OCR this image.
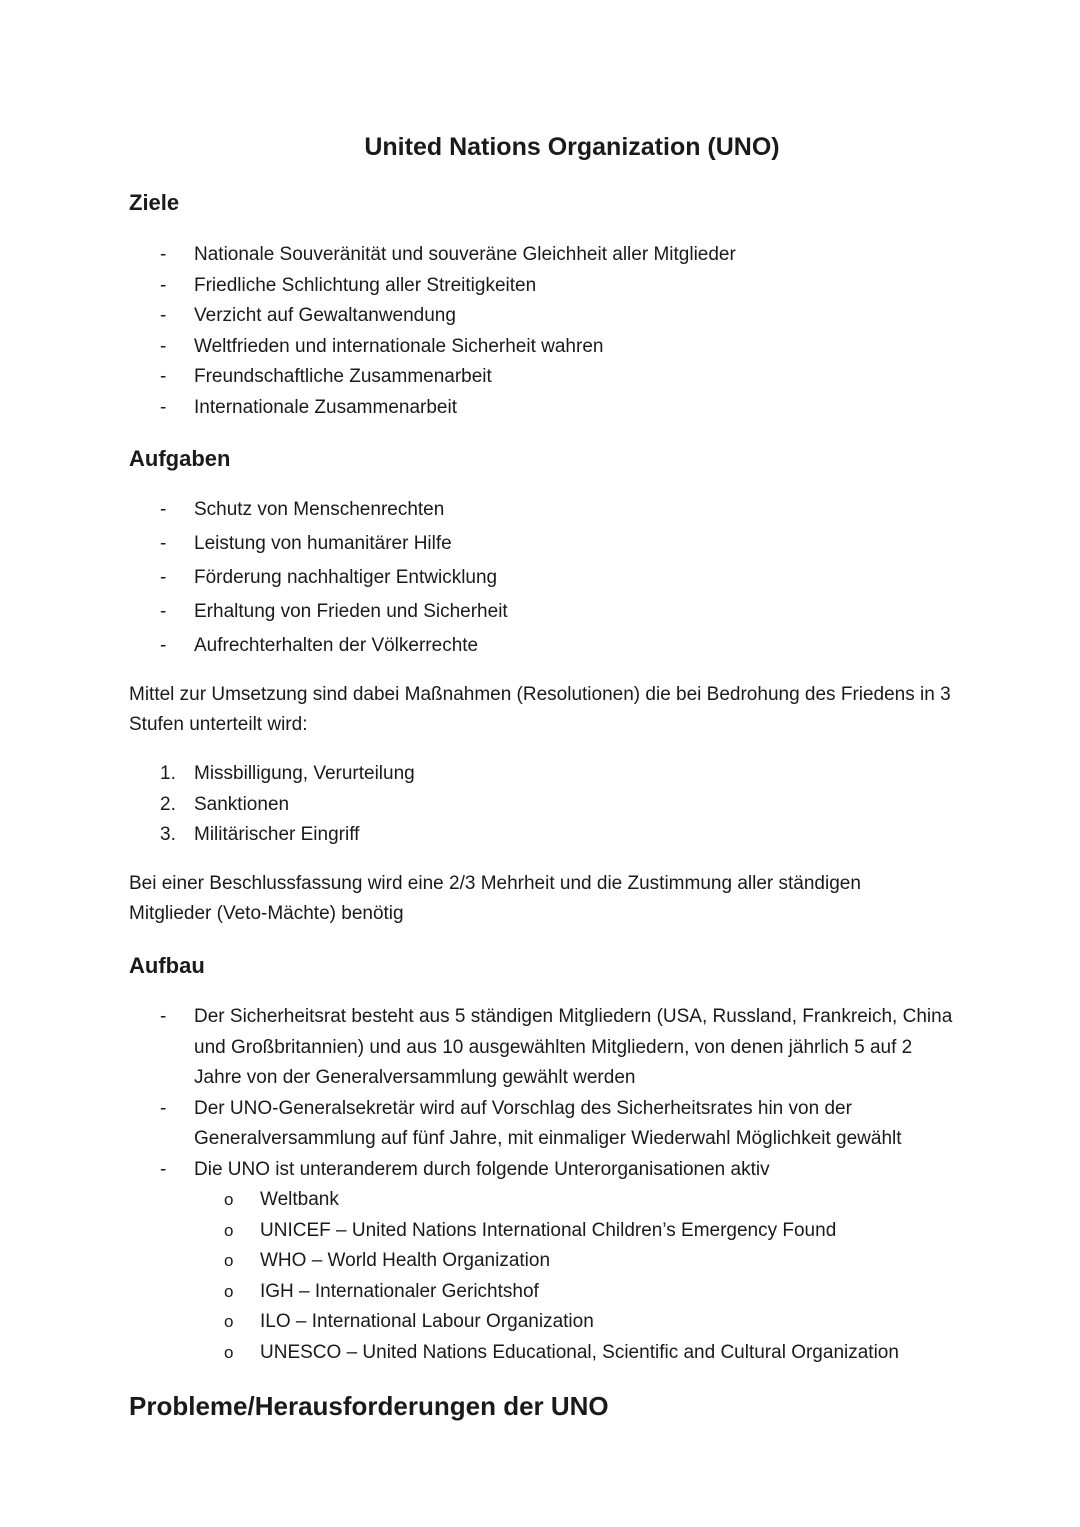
United Nations Organization (UNO)
Ziele
- Nationale Souveränität und souveräne Gleichheit aller Mitglieder
- Friedliche Schlichtung aller Streitigkeiten
- Verzicht auf Gewaltanwendung
- Weltfrieden und internationale Sicherheit wahren
- Freundschaftliche Zusammenarbeit
- Internationale Zusammenarbeit
Aufgaben
- Schutz von Menschenrechten
- Leistung von humanitärer Hilfe
- Förderung nachhaltiger Entwicklung
- Erhaltung von Frieden und Sicherheit
- Aufrechterhalten der Völkerrechte

Mittel zur Umsetzung sind dabei Maßnahmen (Resolutionen) die bei Bedrohung des Friedens in 3 Stufen unterteilt wird:

1. Missbilligung, Verurteilung
2. Sanktionen
3. Militärischer Eingriff

Bei einer Beschlussfassung wird eine 2/3 Mehrheit und die Zustimmung aller ständigen Mitglieder (Veto-Mächte) benötig

Aufbau
- Der Sicherheitsrat besteht aus 5 ständigen Mitgliedern (USA, Russland, Frankreich, China und Großbritannien) und aus 10 ausgewählten Mitgliedern, von denen jährlich 5 auf 2 Jahre von der Generalversammlung gewählt werden
- Der UNO-Generalsekretär wird auf Vorschlag des Sicherheitsrates hin von der Generalversammlung auf fünf Jahre, mit einmaliger Wiederwahl Möglichkeit gewählt
- Die UNO ist unteranderem durch folgende Unterorganisationen aktiv
o Weltbank
o UNICEF – United Nations International Children’s Emergency Found
o WHO – World Health Organization
o IGH – Internationaler Gerichtshof
o ILO – International Labour Organization
o UNESCO – United Nations Educational, Scientific and Cultural Organization
Probleme/Herausforderungen der UNO
